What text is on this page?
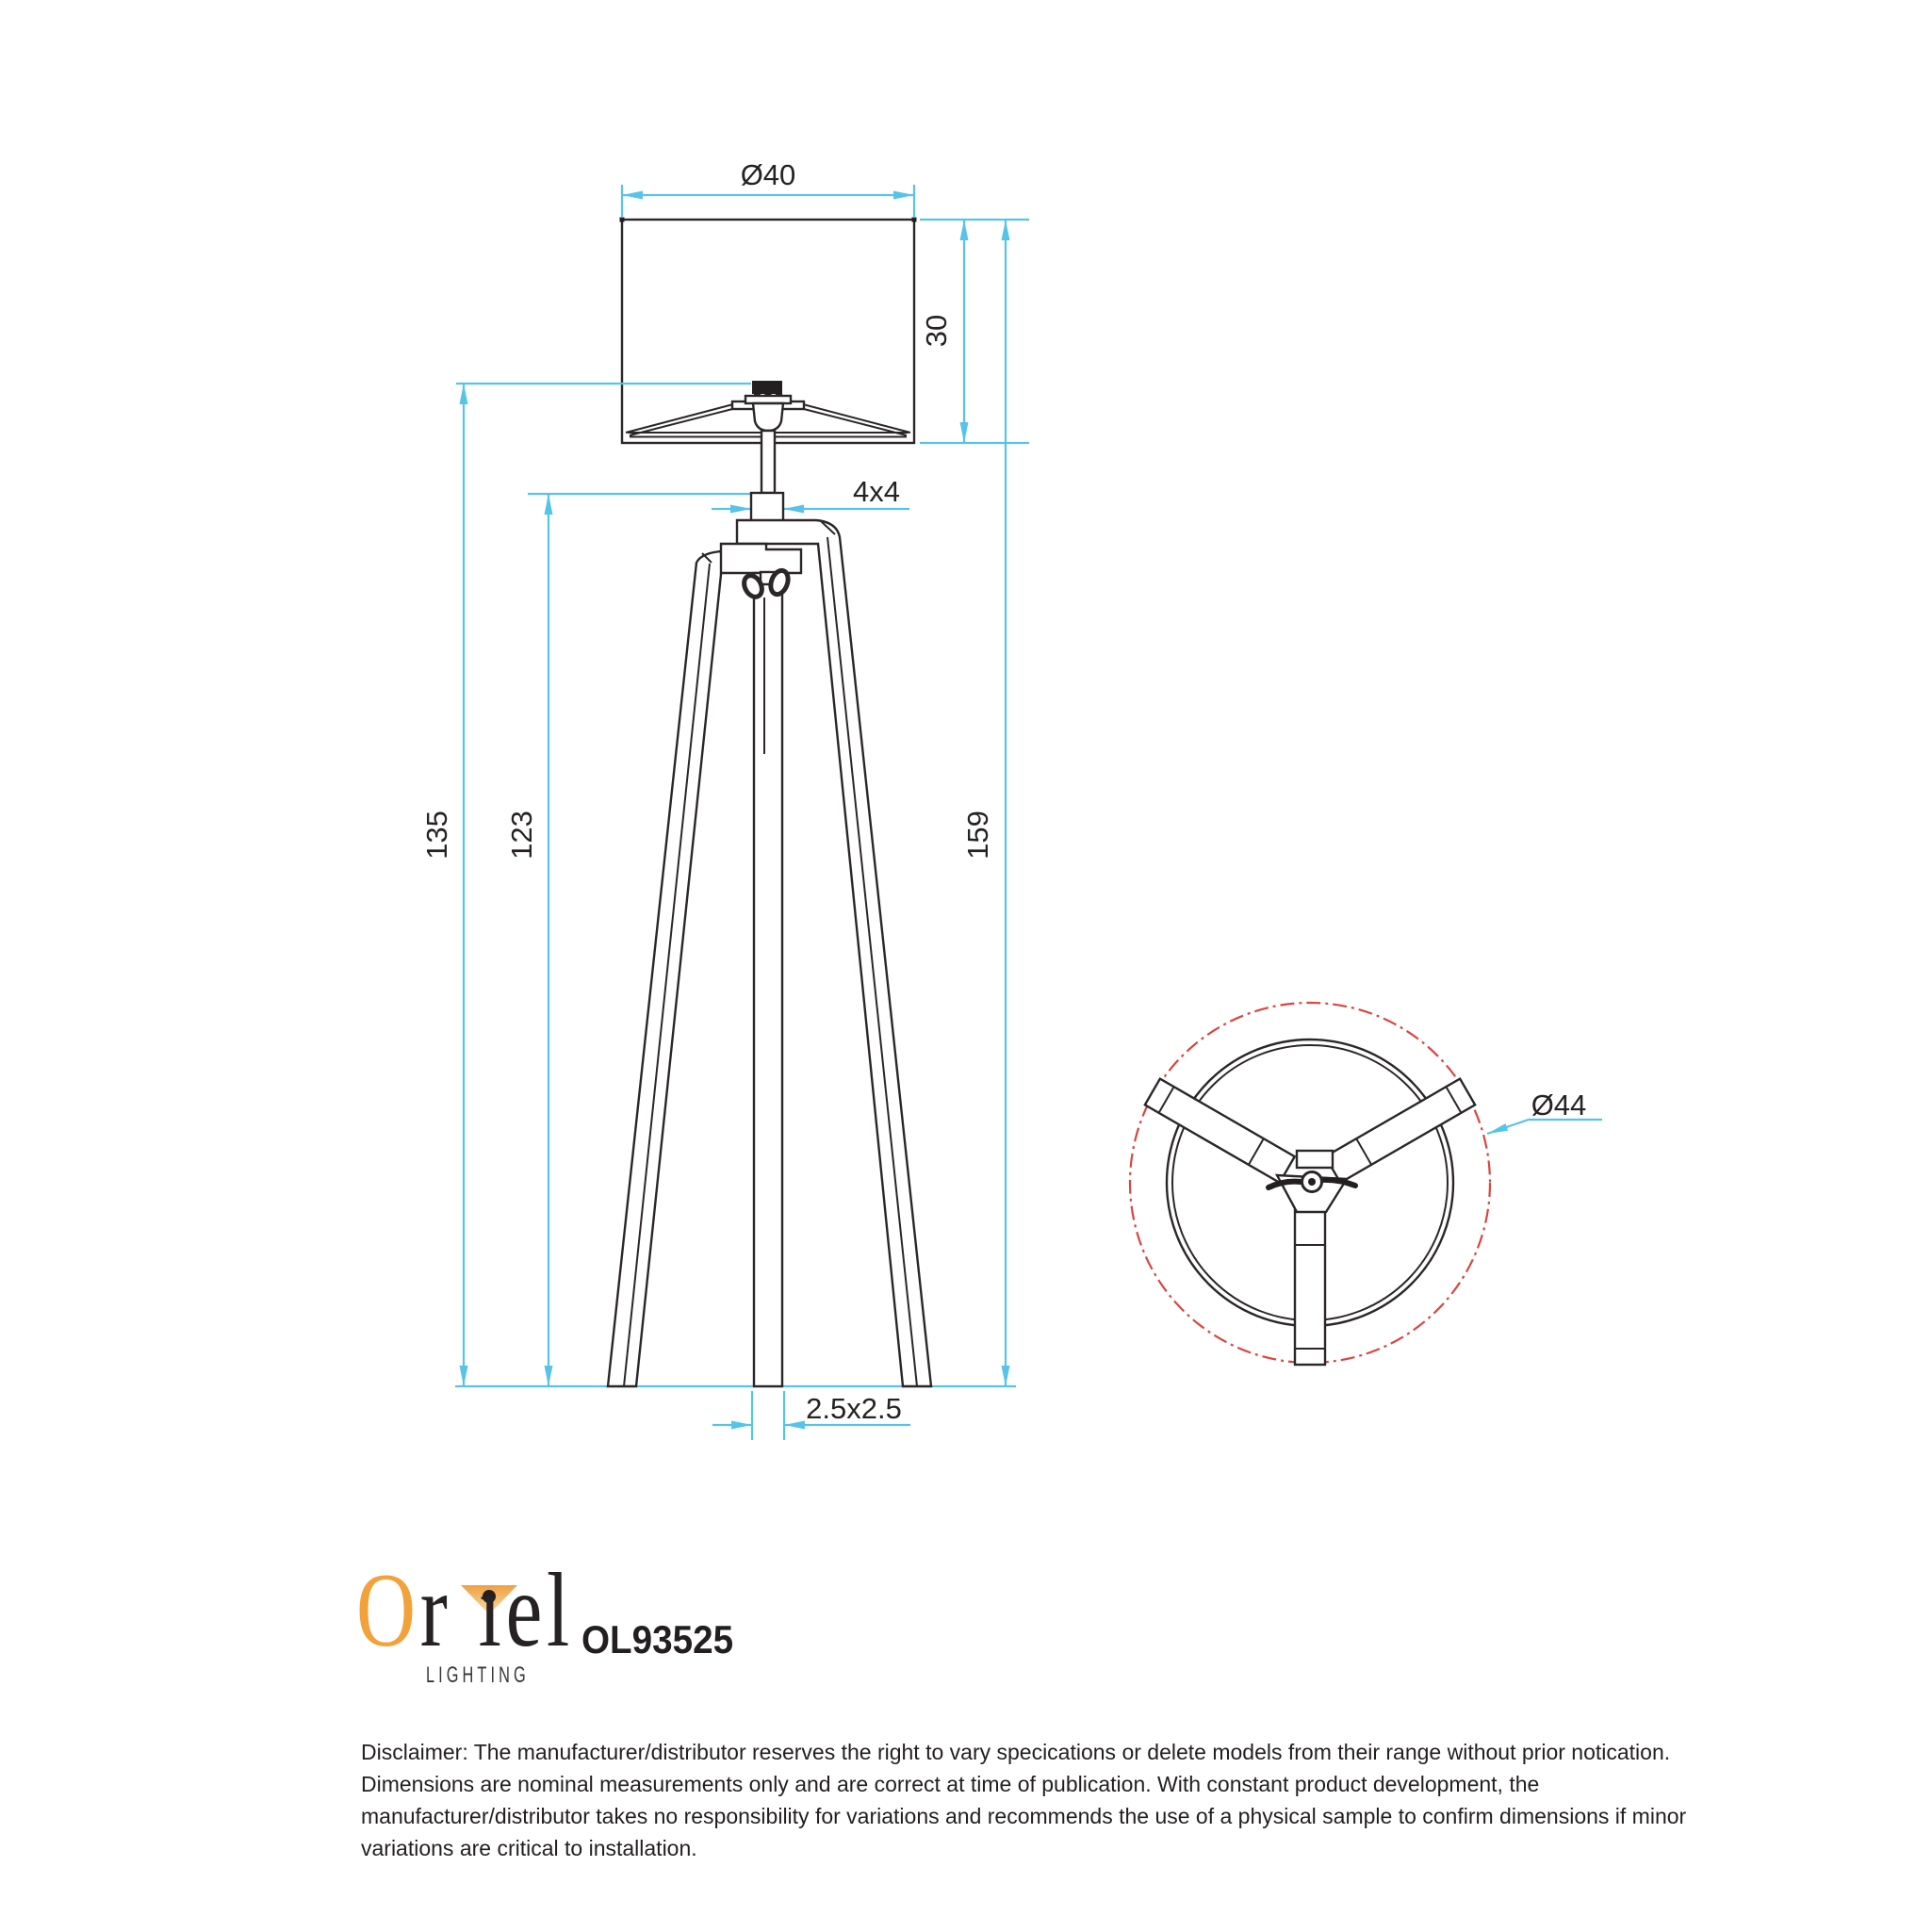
Ø40
30
159
135 123
4x4
2.5x2.5
Ø44
Or ıel
LIGHTING
OL93525
Disclaimer: The manufacturer/distributor reserves the right to vary specications or delete models from their range without prior notication.
Dimensions are nominal measurements only and are correct at time of publication. With constant product development, the
manufacturer/distributor takes no responsibility for variations and recommends the use of a physical sample to confirm dimensions if minor
variations are critical to installation.
